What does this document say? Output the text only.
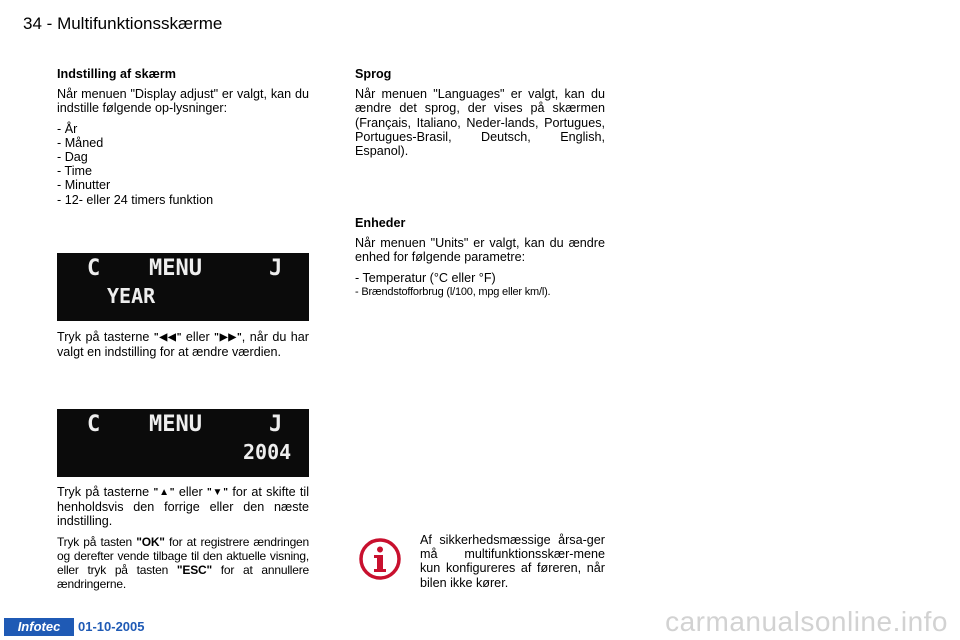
34 - Multifunktionsskærme
Indstilling af skærm

Når menuen "Display adjust" er valgt, kan du indstille følgende op-lysninger:

- År
- Måned
- Dag
- Time
- Minutter
- 12- eller 24 timers funktion
C MENU	J
YEAR

Tryk på tasterne "◀◀" eller "▶▶", når du har valgt en indstilling for at ændre værdien.

C MENU	J
2004

Tryk på tasterne "▲" eller "▼" for at skifte til henholdsvis den forrige eller den næste indstilling.

Tryk på tasten "OK" for at registrere ændringen og derefter vende tilbage til den aktuelle visning, eller tryk på tasten "ESC" for at annullere ændringerne.

Sprog

Når menuen "Languages" er valgt, kan du ændre det sprog, der vises på skærmen (Français, Italiano, Neder-lands, Portugues, Portugues-Brasil, Deutsch, English, Espanol).

Enheder

Når menuen "Units" er valgt, kan du ændre enhed for følgende parametre:

- Temperatur (°C eller °F)
- Brændstofforbrug (l/100, mpg eller km/l).

Af sikkerhedsmæssige årsa-ger må multifunktionsskær-mene kun konfigureres af føreren, når bilen ikke kører.

Infotec	01-10-2005	carmanualsonline.info
